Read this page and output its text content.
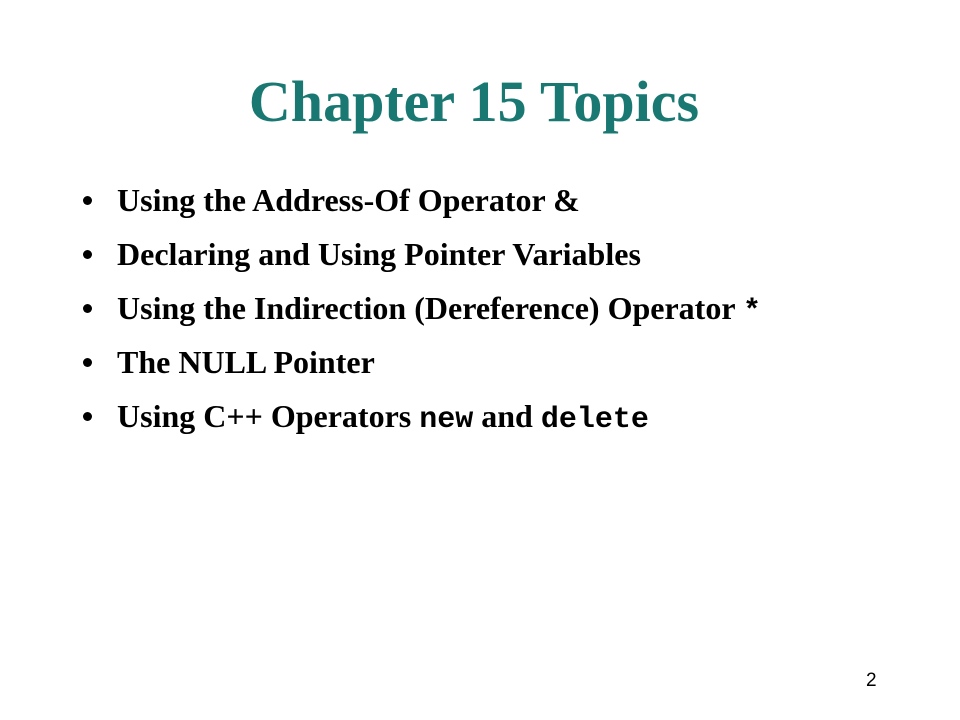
Chapter 15 Topics
Using the Address-Of Operator &
Declaring and Using Pointer Variables
Using the Indirection (Dereference) Operator *
The NULL Pointer
Using C++ Operators new and delete
2
